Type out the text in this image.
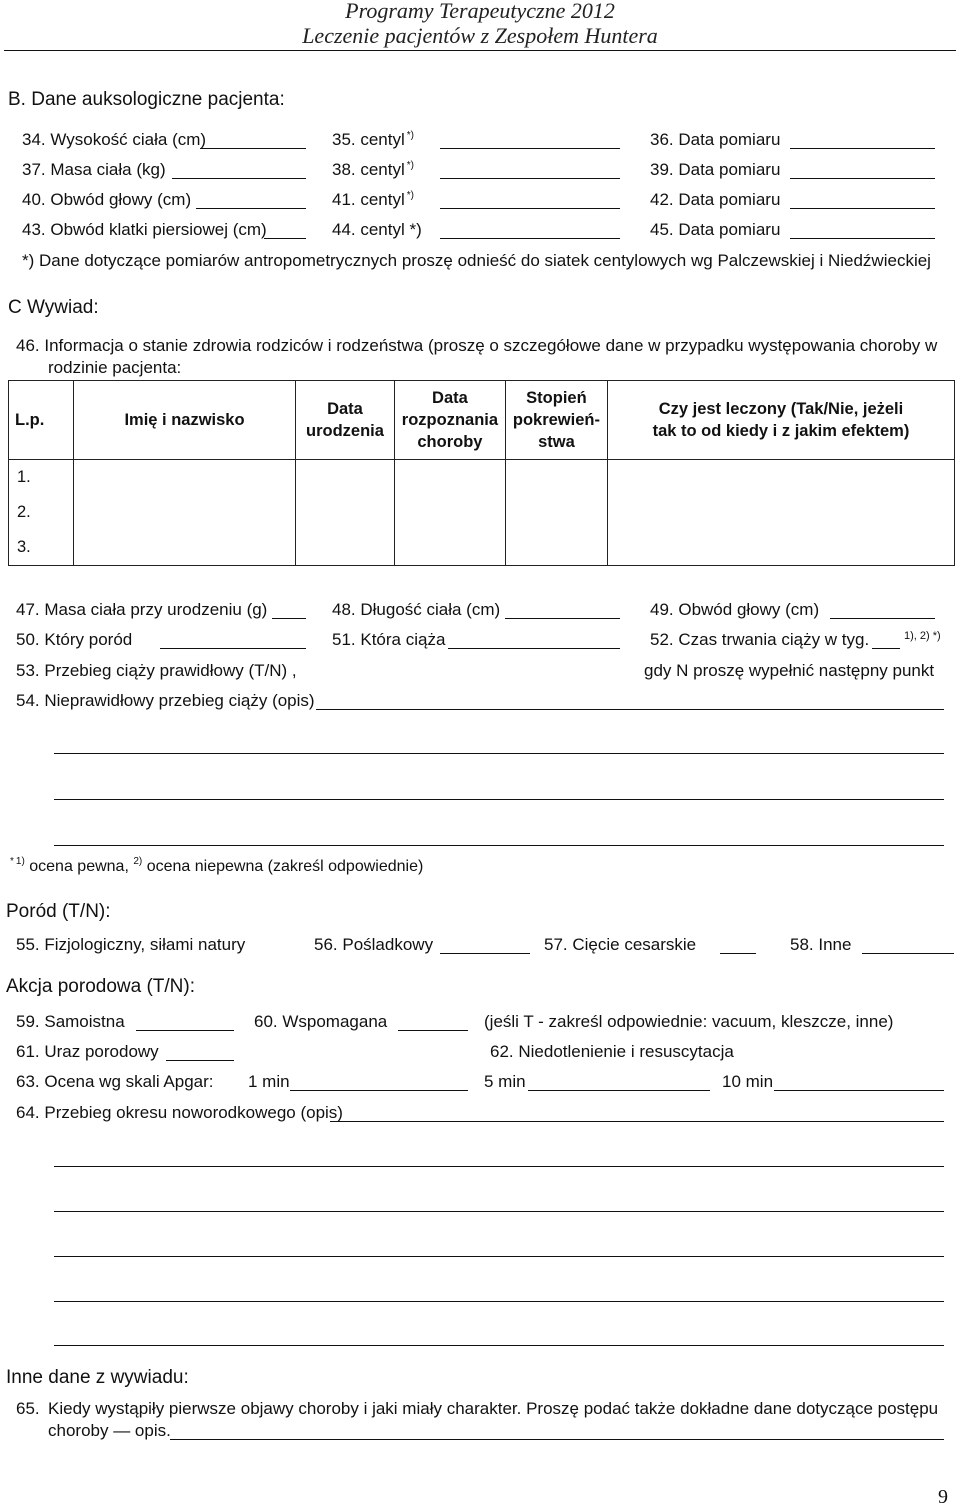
Programy Terapeutyczne 2012
Leczenie pacjentów z Zespołem Huntera
B. Dane auksologiczne pacjenta:
34. Wysokość ciała (cm)	35. centyl *)	36. Data pomiaru
37. Masa ciała (kg)	38. centyl *)	39. Data pomiaru
40. Obwód głowy (cm)	41. centyl *)	42. Data pomiaru
43. Obwód klatki piersiowej (cm)	44. centyl *)	45. Data pomiaru
*) Dane dotyczące pomiarów antropometrycznych proszę odnieść do siatek centylowych wg Palczewskiej i Niedźwieckiej
C Wywiad:
46. Informacja o stanie zdrowia rodziców i rodzeństwa (proszę o szczegółowe dane w przypadku występowania choroby w
rodzinie pacjenta:
L.p.	Imię i nazwisko	Data urodzenia	Data rozpoznania choroby	Stopień pokrewień-stwa	Czy jest leczony (Tak/Nie, jeżeli tak to od kiedy i z jakim efektem)
1.					
2.					
3.					
47. Masa ciała przy urodzeniu (g)	48. Długość ciała (cm)	49. Obwód głowy (cm)
50. Który poród	51. Która ciąża	52. Czas trwania ciąży w tyg.	1), 2) *)
53. Przebieg ciąży prawidłowy (T/N) ,	gdy N proszę wypełnić następny punkt
54. Nieprawidłowy przebieg ciąży (opis)
* $^{1)}$ ocena pewna, $^{2)}$ ocena niepewna (zakreśl odpowiednie)
Poród (T/N):
55. Fizjologiczny, siłami natury	56. Pośladkowy	57. Cięcie cesarskie	58. Inne
Akcja porodowa (T/N):
59. Samoistna	60. Wspomagana	(jeśli T - zakreśl odpowiednie: vacuum, kleszcze, inne)
61. Uraz porodowy	62. Niedotlenienie i resuscytacja
63. Ocena wg skali Apgar: 1 min	5 min	10 min
64. Przebieg okresu noworodkowego (opis)
Inne dane z wywiadu:
65. Kiedy wystąpiły pierwsze objawy choroby i jaki miały charakter. Proszę podać także dokładne dane dotyczące postępu
choroby — opis.
9
